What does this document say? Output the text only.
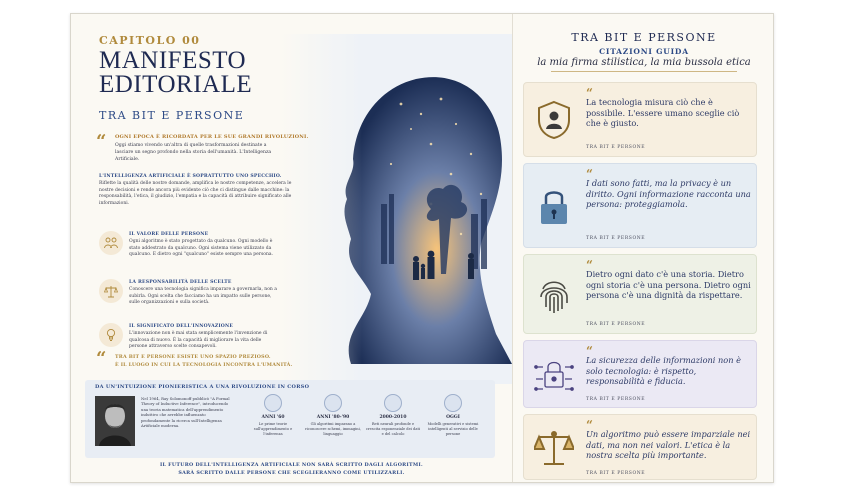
CAPITOLO 00
MANIFESTO
EDITORIALE
TRA BIT E PERSONE
“ OGNI EPOCA È RICORDATA PER LE SUE GRANDI RIVOLUZIONI.
Oggi stiamo vivendo un'altra di quelle trasformazioni destinate a lasciare un segno profondo nella storia dell'umanità. L'Intelligenza Artificiale.
L'INTELLIGENZA ARTIFICIALE È SOPRATTUTTO UNO SPECCHIO.
Riflette la qualità delle nostre domande, amplifica le nostre competenze, accelera le nostre decisioni e rende ancora più evidente ciò che ci distingue dalle macchine: la responsabilità, l'etica, il giudizio, l'empatia e la capacità di attribuire significato alle informazioni.
IL VALORE DELLE PERSONE
Ogni algoritmo è stato progettato da qualcuno. Ogni modello è stato addestrato da qualcuno. Ogni sistema viene utilizzato da qualcuno. E dietro ogni "qualcuno" esiste sempre una persona.
LA RESPONSABILITÀ DELLE SCELTE
Conoscere una tecnologia significa imparare a governarla, non a subirla. Ogni scelta che facciamo ha un impatto sulle persone, sulle organizzazioni e sulla società.
IL SIGNIFICATO DELL'INNOVAZIONE
L'innovazione non è mai stata semplicemente l'invenzione di qualcosa di nuovo. È la capacità di migliorare la vita delle persone attraverso scelte consapevoli.
“ TRA BIT E PERSONE ESISTE UNO SPAZIO PREZIOSO.
È IL LUOGO IN CUI LA TECNOLOGIA INCONTRA L'UMANITÀ.
DA UN'INTUIZIONE PIONIERISTICA A UNA RIVOLUZIONE IN CORSO
Nel 1964, Ray Solomonoff pubblicò "A Formal Theory of Inductive Inference", introducendo una teoria matematica dell'apprendimento induttivo che avrebbe influenzato profondamente la ricerca sull'Intelligenza Artificiale moderna.
ANNI '60
Le prime teorie sull'apprendimento e l'inferenza
ANNI '80-'90
Gli algoritmi imparano a riconoscere schemi, immagini, linguaggio
2000-2010
Reti neurali profonde e crescita esponenziale dei dati e del calcolo
OGGI
Modelli generativi e sistemi intelligenti al servizio delle persone
IL FUTURO DELL'INTELLIGENZA ARTIFICIALE NON SARÀ SCRITTO DAGLI ALGORITMI.
SARÀ SCRITTO DALLE PERSONE CHE SCEGLIERANNO COME UTILIZZARLI.
TRA BIT E PERSONE
CITAZIONI GUIDA
la mia firma stilistica, la mia bussola etica
“
La tecnologia misura ciò che è possibile. L'essere umano sceglie ciò che è giusto.
TRA BIT E PERSONE
“
I dati sono fatti, ma la privacy è un diritto. Ogni informazione racconta una persona: proteggiamola.
TRA BIT E PERSONE
“
Dietro ogni dato c'è una storia. Dietro ogni storia c'è una persona. Dietro ogni persona c'è una dignità da rispettare.
TRA BIT E PERSONE
“
La sicurezza delle informazioni non è solo tecnologia: è rispetto, responsabilità e fiducia.
TRA BIT E PERSONE
“
Un algoritmo può essere imparziale nei dati, ma non nei valori. L'etica è la nostra scelta più importante.
TRA BIT E PERSONE
